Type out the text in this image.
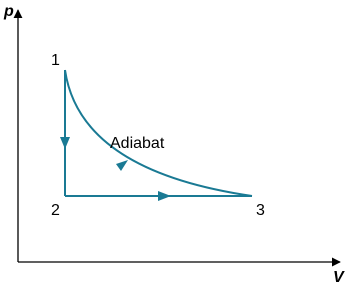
p
V
1
2	3
Adiabat
